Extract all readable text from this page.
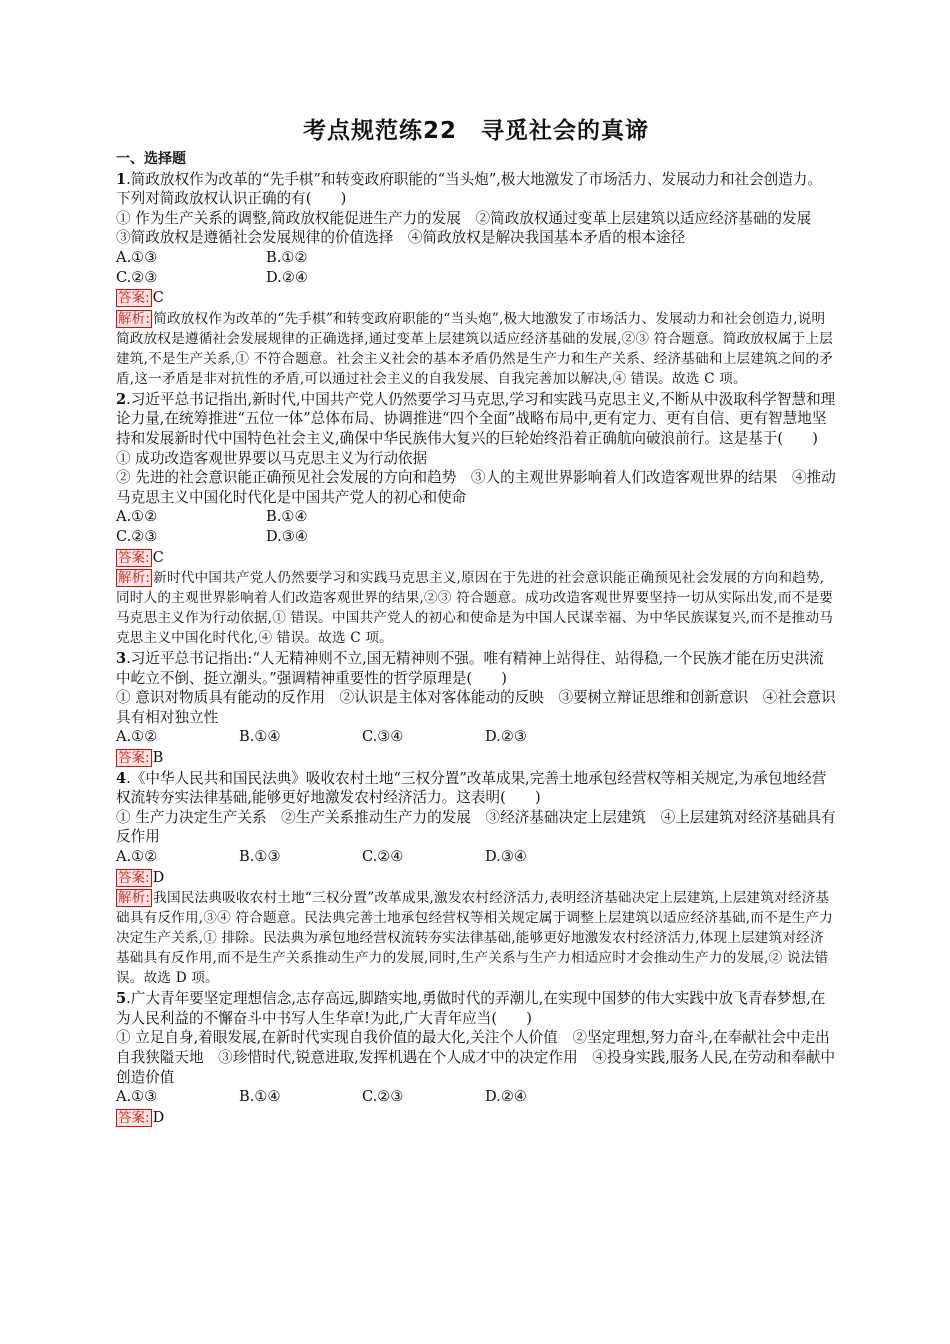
考点规范练22　寻觅社会的真谛
一、选择题

1.简政放权作为改革的“先手棋”和转变政府职能的“当头炮”,极大地激发了市场活力、发展动力和社会创造力。下列对简政放权认识正确的有(　　)

① 作为生产关系的调整,简政放权能促进生产力的发展　②简政放权通过变革上层建筑以适应经济基础的发展　③简政放权是遵循社会发展规律的价值选择　④简政放权是解决我国基本矛盾的根本途径

A.①③	B.①②
C.②③	D.②④
答案: C
解析: 简政放权作为改革的“先手棋”和转变政府职能的“当头炮”,极大地激发了市场活力、发展动力和社会创造力,说明简政放权是遵循社会发展规律的正确选择,通过变革上层建筑以适应经济基础的发展,②③ 符合题意。简政放权属于上层建筑,不是生产关系,① 不符合题意。社会主义社会的基本矛盾仍然是生产力和生产关系、经济基础和上层建筑之间的矛盾,这一矛盾是非对抗性的矛盾,可以通过社会主义的自我发展、自我完善加以解决,④ 错误。故选 C 项。

2.习近平总书记指出,新时代,中国共产党人仍然要学习马克思,学习和实践马克思主义,不断从中汲取科学智慧和理论力量,在统筹推进“五位一体”总体布局、协调推进“四个全面”战略布局中,更有定力、更有自信、更有智慧地坚持和发展新时代中国特色社会主义,确保中华民族伟大复兴的巨轮始终沿着正确航向破浪前行。这是基于(　　)

① 成功改造客观世界要以马克思主义为行动依据

② 先进的社会意识能正确预见社会发展的方向和趋势　③人的主观世界影响着人们改造客观世界的结果　④推动马克思主义中国化时代化是中国共产党人的初心和使命

A.①②	B.①④
C.②③	D.③④
答案: C
解析: 新时代中国共产党人仍然要学习和实践马克思主义,原因在于先进的社会意识能正确预见社会发展的方向和趋势,同时人的主观世界影响着人们改造客观世界的结果,②③ 符合题意。成功改造客观世界要坚持一切从实际出发,而不是要马克思主义作为行动依据,① 错误。中国共产党人的初心和使命是为中国人民谋幸福、为中华民族谋复兴,而不是推动马克思主义中国化时代化,④ 错误。故选 C 项。

3.习近平总书记指出:“人无精神则不立,国无精神则不强。唯有精神上站得住、站得稳,一个民族才能在历史洪流中屹立不倒、挺立潮头。”强调精神重要性的哲学原理是(　　)

① 意识对物质具有能动的反作用　②认识是主体对客体能动的反映　③要树立辩证思维和创新意识　④社会意识具有相对独立性

A.①②	B.①④	C.③④	D.②③
答案: B

4.《中华人民共和国民法典》吸收农村土地“三权分置”改革成果,完善土地承包经营权等相关规定,为承包地经营权流转夯实法律基础,能够更好地激发农村经济活力。这表明(　　)

① 生产力决定生产关系　②生产关系推动生产力的发展　③经济基础决定上层建筑　④上层建筑对经济基础具有反作用

A.①②	B.①③	C.②④	D.③④
答案: D
解析: 我国民法典吸收农村土地“三权分置”改革成果,激发农村经济活力,表明经济基础决定上层建筑,上层建筑对经济基础具有反作用,③④ 符合题意。民法典完善土地承包经营权等相关规定属于调整上层建筑以适应经济基础,而不是生产力决定生产关系,① 排除。民法典为承包地经营权流转夯实法律基础,能够更好地激发农村经济活力,体现上层建筑对经济基础具有反作用,而不是生产关系推动生产力的发展,同时,生产关系与生产力相适应时才会推动生产力的发展,② 说法错误。故选 D 项。

5.广大青年要坚定理想信念,志存高远,脚踏实地,勇做时代的弄潮儿,在实现中国梦的伟大实践中放飞青春梦想,在为人民利益的不懈奋斗中书写人生华章!为此,广大青年应当(　　)

① 立足自身,着眼发展,在新时代实现自我价值的最大化,关注个人价值　②坚定理想,努力奋斗,在奉献社会中走出自我狭隘天地　③珍惜时代,锐意进取,发挥机遇在个人成才中的决定作用　④投身实践,服务人民,在劳动和奉献中创造价值

A.①③	B.①④	C.②③	D.②④
答案: D
